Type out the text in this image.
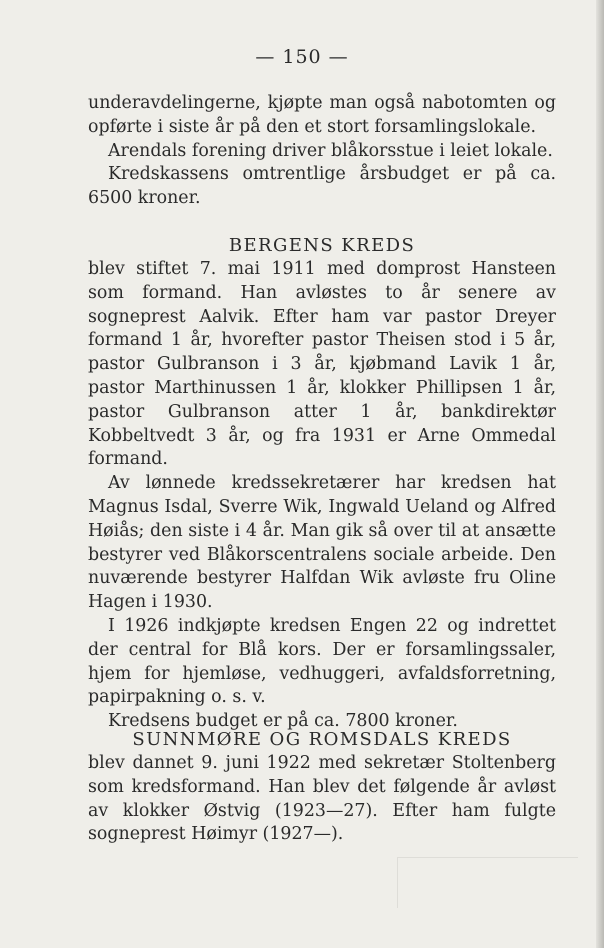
— 150 —

underavdelingerne, kjøpte man også nabotomten og opførte i siste år på den et stort forsamlingslokale.

Arendals forening driver blåkorsstue i leiet lokale.

Kredskassens omtrentlige årsbudget er på ca. 6500 kroner.

BERGENS KREDS

blev stiftet 7. mai 1911 med domprost Hansteen som formand. Han avløstes to år senere av sogneprest Aalvik. Efter ham var pastor Dreyer formand 1 år, hvorefter pastor Theisen stod i 5 år, pastor Gulbranson i 3 år, kjøbmand Lavik 1 år, pastor Marthinussen 1 år, klokker Phillipsen 1 år, pastor Gulbranson atter 1 år, bankdirektør Kobbeltvedt 3 år, og fra 1931 er Arne Ommedal formand.

Av lønnede kredssekretærer har kredsen hat Magnus Isdal, Sverre Wik, Ingwald Ueland og Alfred Høiås; den siste i 4 år. Man gik så over til at ansætte bestyrer ved Blåkorscentralens sociale arbeide. Den nuværende bestyrer Halfdan Wik avløste fru Oline Hagen i 1930.

I 1926 indkjøpte kredsen Engen 22 og indrettet der central for Blå kors. Der er forsamlingssaler, hjem for hjemløse, vedhuggeri, avfaldsforretning, papirpakning o. s. v.

Kredsens budget er på ca. 7800 kroner.

SUNNMØRE OG ROMSDALS KREDS

blev dannet 9. juni 1922 med sekretær Stoltenberg som kredsformand. Han blev det følgende år avløst av klokker Østvig (1923—27). Efter ham fulgte sogneprest Høimyr (1927—).
